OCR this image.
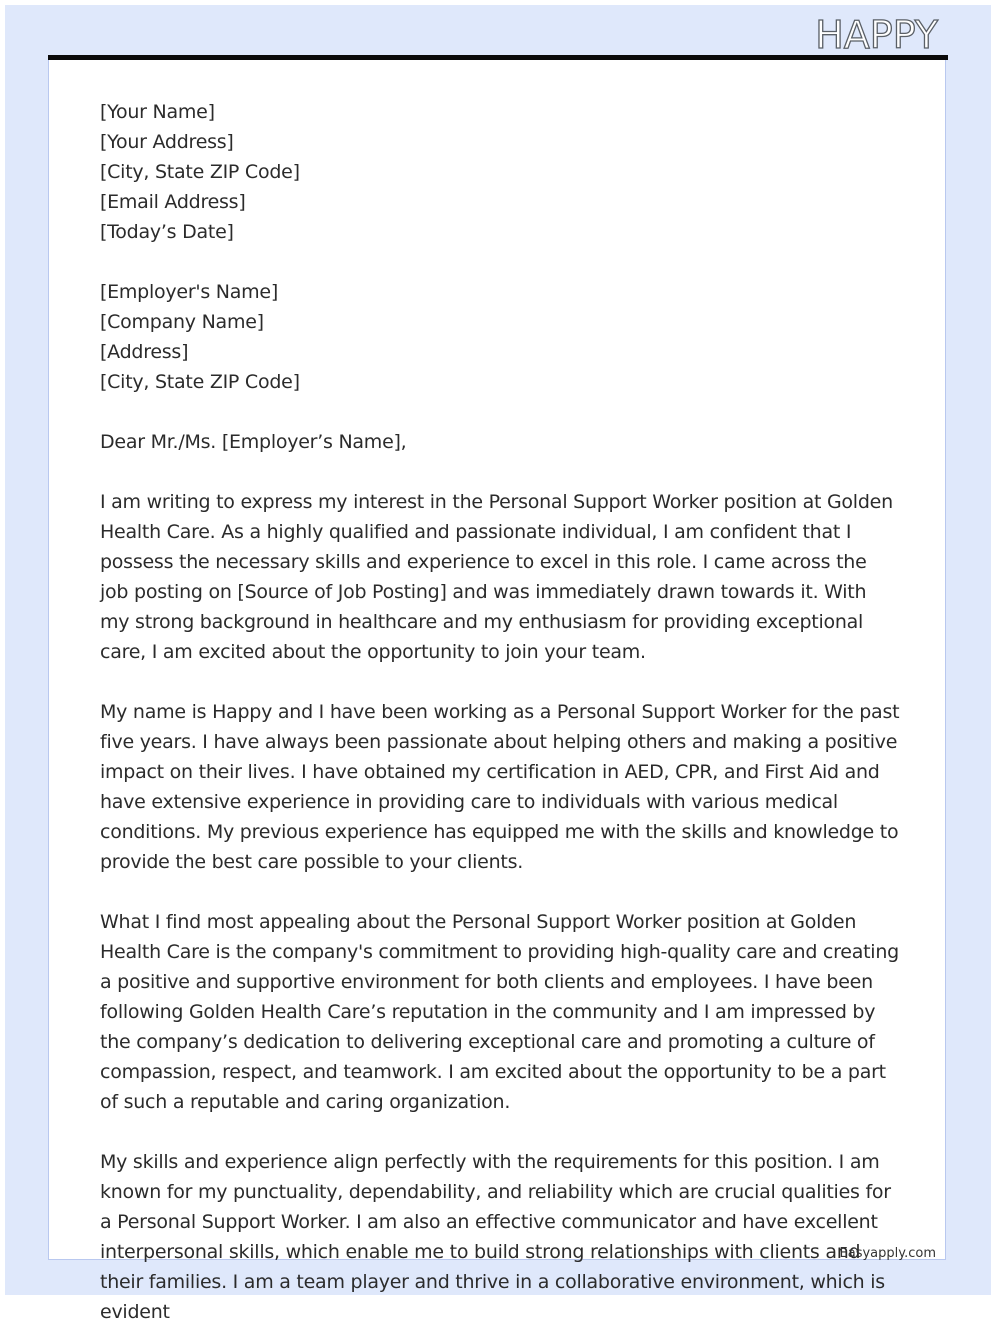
HAPPY
[Your Name]
[Your Address]
[City, State ZIP Code]
[Email Address]
[Today’s Date]
[Employer's Name]
[Company Name]
[Address]
[City, State ZIP Code]
Dear Mr./Ms. [Employer’s Name],

I am writing to express my interest in the Personal Support Worker position at Golden Health Care. As a highly qualified and passionate individual, I am confident that I possess the necessary skills and experience to excel in this role. I came across the job posting on [Source of Job Posting] and was immediately drawn towards it. With my strong background in healthcare and my enthusiasm for providing exceptional care, I am excited about the opportunity to join your team.

My name is Happy and I have been working as a Personal Support Worker for the past five years. I have always been passionate about helping others and making a positive impact on their lives. I have obtained my certification in AED, CPR, and First Aid and have extensive experience in providing care to individuals with various medical conditions. My previous experience has equipped me with the skills and knowledge to provide the best care possible to your clients.

What I find most appealing about the Personal Support Worker position at Golden Health Care is the company's commitment to providing high-quality care and creating a positive and supportive environment for both clients and employees. I have been following Golden Health Care’s reputation in the community and I am impressed by the company’s dedication to delivering exceptional care and promoting a culture of compassion, respect, and teamwork. I am excited about the opportunity to be a part of such a reputable and caring organization.

My skills and experience align perfectly with the requirements for this position. I am known for my punctuality, dependability, and reliability which are crucial qualities for a Personal Support Worker. I am also an effective communicator and have excellent interpersonal skills, which enable me to build strong relationships with clients and their families. I am a team player and thrive in a collaborative environment, which is evident

Easyapply.com
